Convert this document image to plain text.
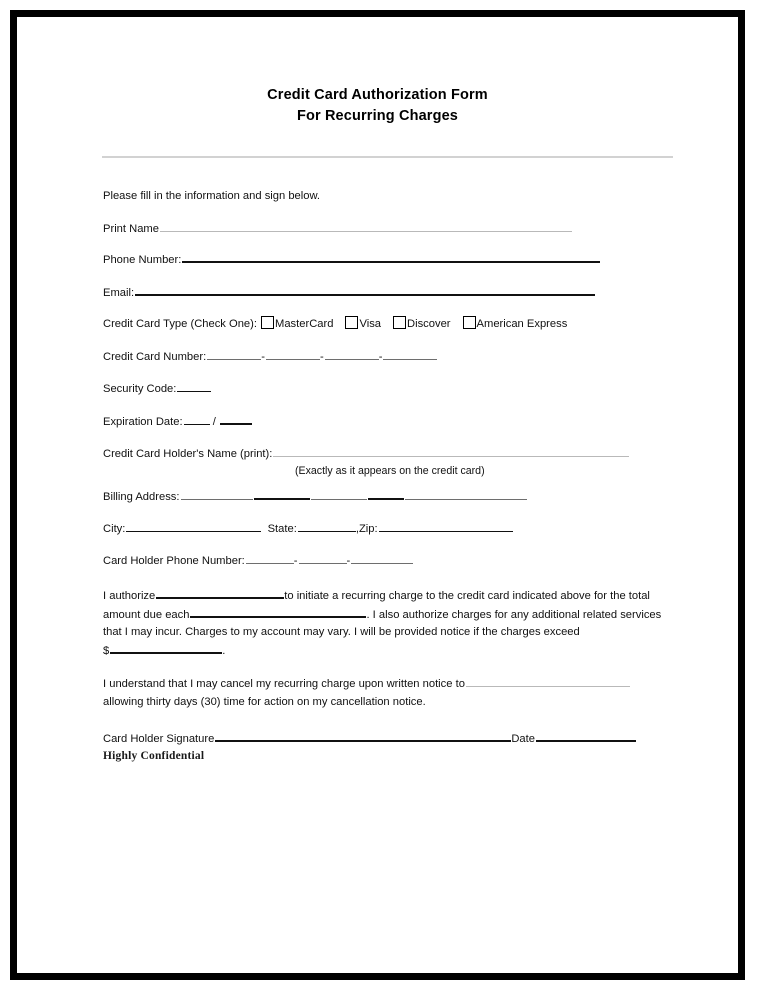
Credit Card Authorization Form
For Recurring Charges
Please fill in the information and sign below.
Print Name
Phone Number:
Email:
Credit Card Type (Check One): MasterCard Visa Discover American Express
Credit Card Number:	-	-	-
Security Code:
Expiration Date:	/
Credit Card Holder's Name (print):
(Exactly as it appears on the credit card)
Billing Address:
City:	State:	,Zip:
Card Holder Phone Number:	-	-
I authorize	to initiate a recurring charge to the credit card indicated above for the total amount due each	. I also authorize charges for any additional related services that I may incur. Charges to my account may vary. I will be provided notice if the charges exceed
$	.
I understand that I may cancel my recurring charge upon written notice to
allowing thirty days (30) time for action on my cancellation notice.
Card Holder Signature	Date
Highly Confidential
